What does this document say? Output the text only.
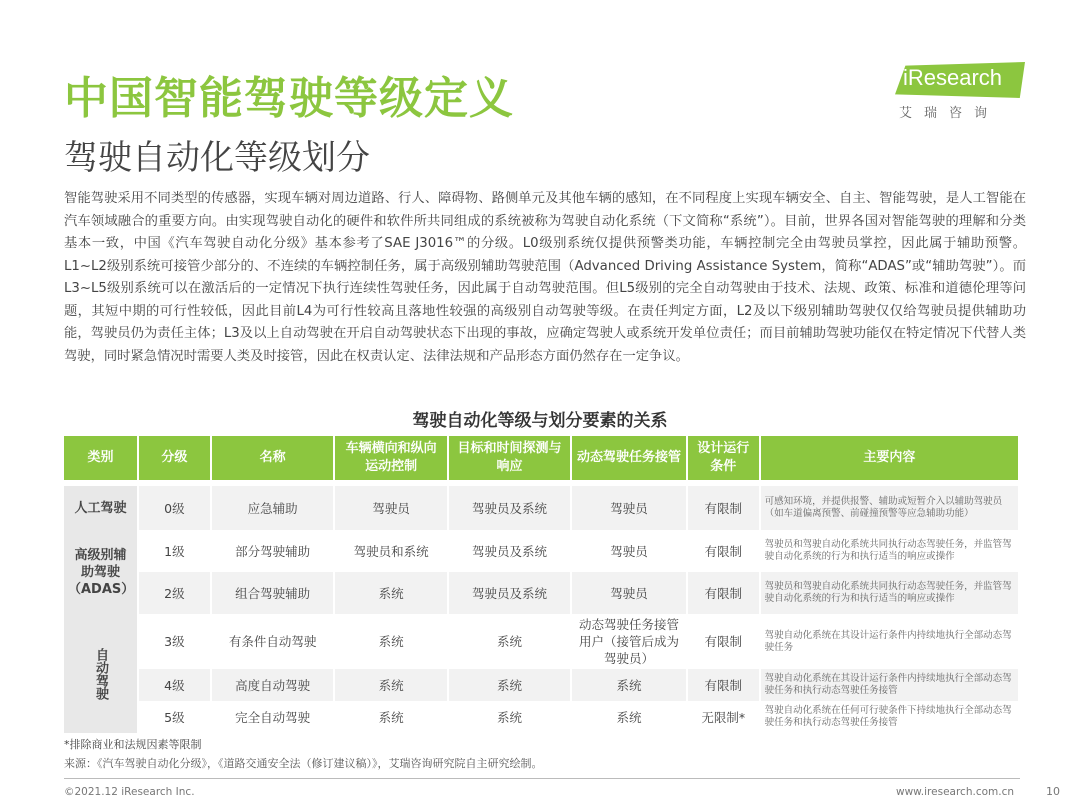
中国智能驾驶等级定义
驾驶自动化等级划分
iResearch
艾瑞咨询
智能驾驶采用不同类型的传感器，实现车辆对周边道路、行人、障碍物、路侧单元及其他车辆的感知，在不同程度上实现车辆安全、自主、智能驾驶，是人工智能在汽车领域融合的重要方向。由实现驾驶自动化的硬件和软件所共同组成的系统被称为驾驶自动化系统（下文简称“系统”）。目前，世界各国对智能驾驶的理解和分类基本一致，中国《汽车驾驶自动化分级》基本参考了SAE J3016™的分级。L0级别系统仅提供预警类功能，车辆控制完全由驾驶员掌控，因此属于辅助预警。L1~L2级别系统可接管少部分的、不连续的车辆控制任务，属于高级别辅助驾驶范围（Advanced Driving Assistance System，简称“ADAS”或“辅助驾驶”）。而L3~L5级别系统可以在激活后的一定情况下执行连续性驾驶任务，因此属于自动驾驶范围。但L5级别的完全自动驾驶由于技术、法规、政策、标准和道德伦理等问题，其短中期的可行性较低，因此目前L4为可行性较高且落地性较强的高级别自动驾驶等级。在责任判定方面，L2及以下级别辅助驾驶仅仅给驾驶员提供辅助功能，驾驶员仍为责任主体；L3及以上自动驾驶在开启自动驾驶状态下出现的事故，应确定驾驶人或系统开发单位责任；而目前辅助驾驶功能仅在特定情况下代替人类驾驶，同时紧急情况时需要人类及时接管，因此在权责认定、法律法规和产品形态方面仍然存在一定争议。
驾驶自动化等级与划分要素的关系
类别	分级	名称	车辆横向和纵向运动控制	目标和时间探测与响应	动态驾驶任务接管	设计运行条件	主要内容
人工驾驶	0级	应急辅助	驾驶员	驾驶员及系统	驾驶员	有限制	可感知环境，并提供报警、辅助或短暂介入以辅助驾驶员（如车道偏离预警、前碰撞预警等应急辅助功能）
高级别辅助驾驶（ADAS）	1级	部分驾驶辅助	驾驶员和系统	驾驶员及系统	驾驶员	有限制	驾驶员和驾驶自动化系统共同执行动态驾驶任务，并监管驾驶自动化系统的行为和执行适当的响应或操作
	2级	组合驾驶辅助	系统	驾驶员及系统	驾驶员	有限制	驾驶员和驾驶自动化系统共同执行动态驾驶任务，并监管驾驶自动化系统的行为和执行适当的响应或操作
自动驾驶	3级	有条件自动驾驶	系统	系统	动态驾驶任务接管用户（接管后成为驾驶员）	有限制	驾驶自动化系统在其设计运行条件内持续地执行全部动态驾驶任务
	4级	高度自动驾驶	系统	系统	系统	有限制	驾驶自动化系统在其设计运行条件内持续地执行全部动态驾驶任务和执行动态驾驶任务接管
	5级	完全自动驾驶	系统	系统	系统	无限制*	驾驶自动化系统在任何可行驶条件下持续地执行全部动态驾驶任务和执行动态驾驶任务接管
*排除商业和法规因素等限制
来源：《汽车驾驶自动化分级》，《道路交通安全法（修订建议稿）》，艾瑞咨询研究院自主研究绘制。
©2021.12 iResearch Inc.	www.iresearch.com.cn	10
